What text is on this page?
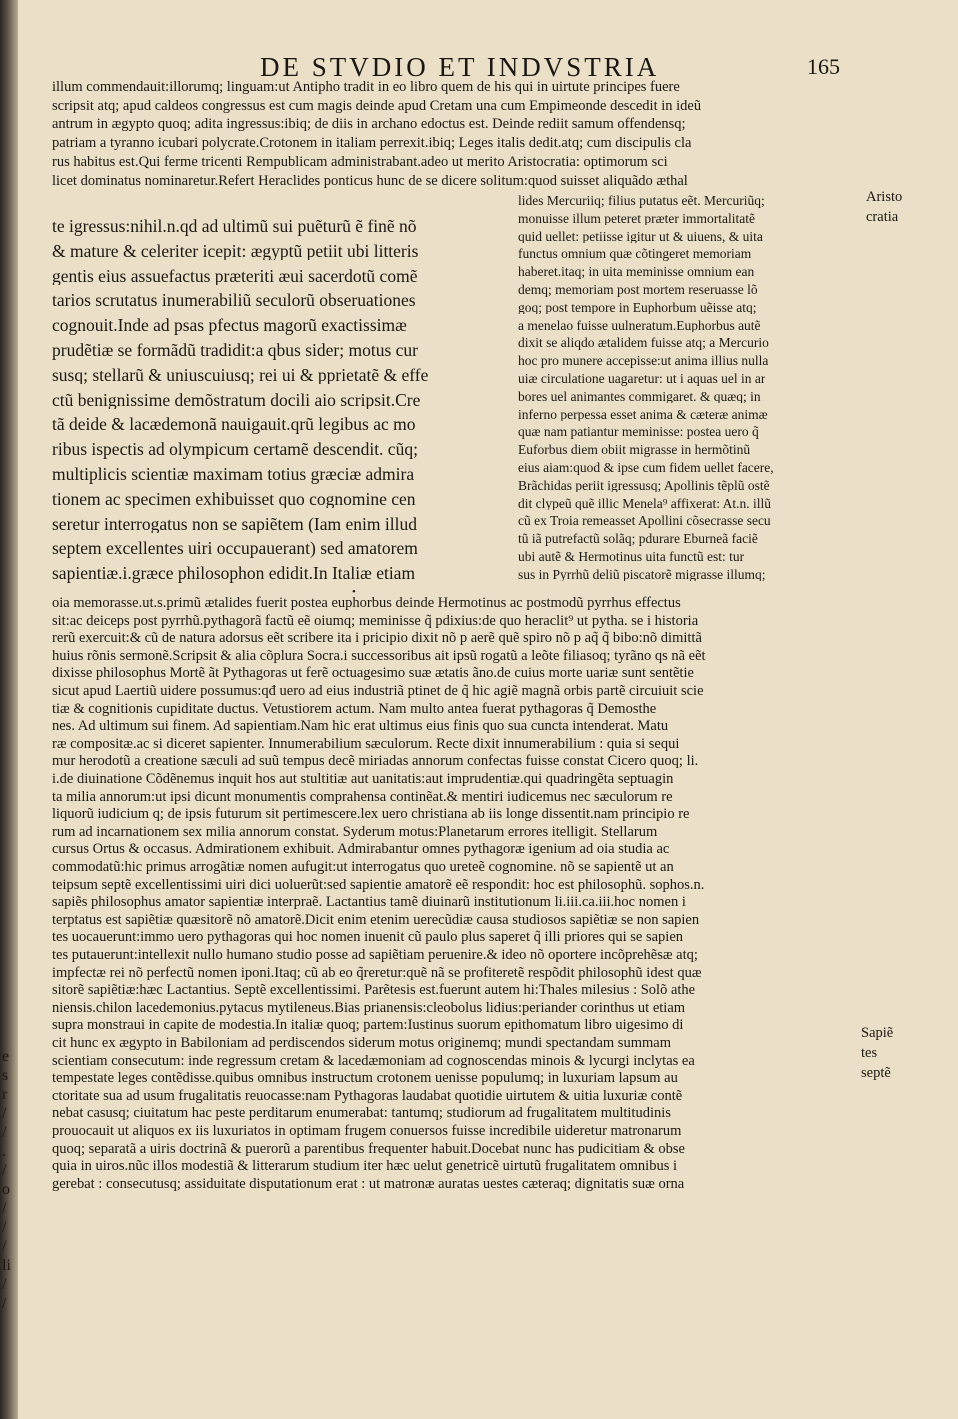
e
s
r
/
/
.
/
o
/
/
/
li
/
/
DE STVDIO ET INDVSTRIA	165
illum commendauit:illorumq; linguam:ut Antipho tradit in eo libro quem de his qui in uirtute principes fuere
scripsit atq; apud caldeos congressus est cum magis deinde apud Cretam una cum Empimeonde descedit in ideũ
antrum in ægypto quoq; adita ingressus:ibiq; de diis in archano edoctus est. Deinde rediit samum offendensq;
patriam a tyranno icubari polycrate.Crotonem in italiam perrexit.ibiq; Leges italis dedit.atq; cum discipulis cla
rus habitus est.Qui ferme tricenti Rempublicam administrabant.adeo ut merito Aristocratia: optimorum sci
licet dominatus nominaretur.Refert Heraclides ponticus hunc de se dicere solitum:quod suisset aliquãdo æthal
te igressus:nihil.n.qd ad ultimũ sui puẽturũ ẽ finẽ nõ
& mature & celeriter icepit: ægyptũ petiit ubi litteris
gentis eius assuefactus præteriti æui sacerdotũ comẽ
tarios scrutatus inumerabiliũ seculorũ obseruationes
cognouit.Inde ad psas pfectus magorũ exactissimæ
prudẽtiæ se formãdũ tradidit:a qbus sider; motus cur
susq; stellarũ & uniuscuiusq; rei ui & pprietatẽ & effe
ctũ benignissime demõstratum docili aio scripsit.Cre
tã deide & lacædemonã nauigauit.qrũ legibus ac mo
ribus ispectis ad olympicum certamẽ descendit. cũq;
multiplicis scientiæ maximam totius græciæ admira
tionem ac specimen exhibuisset quo cognomine cen
seretur interrogatus non se sapiẽtem (Iam enim illud
septem excellentes uiri occupauerant) sed amatorem
sapientiæ.i.græce philosophon edidit.In Italiæ etiam
lides Mercuriiq; filius putatus eẽt. Mercuriũq;
monuisse illum peteret præter immortalitatẽ
quid uellet: petiisse igitur ut & uiuens, & uita
functus omnium quæ cõtingeret memoriam
haberet.itaq; in uita meminisse omnium ean
demq; memoriam post mortem reseruasse lõ
goq; post tempore in Euphorbum uẽisse atq;
a menelao fuisse uulneratum.Euphorbus autẽ
dixit se aliqdo ætalidem fuisse atq; a Mercurio
hoc pro munere accepisse:ut anima illius nulla
uiæ circulatione uagaretur: ut i aquas uel in ar
bores uel animantes commigaret. & quæq; in
inferno perpessa esset anima & cæteræ animæ
quæ nam patiantur meminisse: postea uero q̃
Euforbus diem obiit migrasse in hermõtinũ
eius aiam:quod & ipse cum fidem uellet facere,
Brãchidas periit igressusq; Apollinis tẽplũ ostẽ
dit clypeũ quẽ illic Menela⁹ affixerat: At.n. illũ
cũ ex Troia remeasset Apollini cõsecrasse secu
tũ iã putrefactũ solãq; pdurare Eburneã faciẽ
ubi autẽ & Hermotinus uita functũ est: tur
sus in Pyrrhũ deliũ piscatorẽ migrasse illumq;
oia memorasse.ut.s.primũ ætalides fuerit postea euphorbus deinde Hermotinus ac postmodũ pyrrhus effectus
sit:ac deiceps post pyrrhũ.pythagorã factũ eẽ oiumq; meminisse q̃ pdixius:de quo heraclit⁹ ut pytha. se i historia
rerũ exercuit:& cũ de natura adorsus eẽt scribere ita i pricipio dixit nõ p aerẽ quẽ spiro nõ p aq̃ q̃ bibo:nõ dimittã
huius rõnis sermonẽ.Scripsit & alia cõplura Socra.i successoribus ait ipsũ rogatũ a leõte filiasoq; tyrãno qs nã eẽt
dixisse philosophus Mortẽ ãt Pythagoras ut ferẽ octuagesimo suæ ætatis ãno.de cuius morte uariæ sunt sentẽtie
sicut apud Laertiũ uidere possumus:qđ uero ad eius industriã ptinet de q̃ hic agiẽ magnã orbis partẽ circuiuit scie
tiæ & cognitionis cupiditate ductus. Vetustiorem actum. Nam multo antea fuerat pythagoras q̃ Demosthe
nes. Ad ultimum sui finem. Ad sapientiam.Nam hic erat ultimus eius finis quo sua cuncta intenderat. Matu
ræ compositæ.ac si diceret sapienter. Innumerabilium sæculorum. Recte dixit innumerabilium : quia si sequi
mur herodotũ a creatione sæculi ad suũ tempus decẽ miriadas annorum confectas fuisse constat Cicero quoq; li.
i.de diuinatione Cõdẽnemus inquit hos aut stultitiæ aut uanitatis:aut imprudentiæ.qui quadringẽta septuagin
ta milia annorum:ut ipsi dicunt monumentis comprahensa continẽat.& mentiri iudicemus nec sæculorum re
liquorũ iudicium q; de ipsis futurum sit pertimescere.lex uero christiana ab iis longe dissentit.nam principio re
rum ad incarnationem sex milia annorum constat. Syderum motus:Planetarum errores itelligit. Stellarum
cursus Ortus & occasus. Admirationem exhibuit. Admirabantur omnes pythagoræ igenium ad oia studia ac
commodatũ:hic primus arrogãtiæ nomen aufugit:ut interrogatus quo ureteẽ cognomine. nõ se sapientẽ ut an
teipsum septẽ excellentissimi uiri dici uoluerũt:sed sapientie amatorẽ eẽ respondit: hoc est philosophũ. sophos.n.
sapiẽs philosophus amator sapientiæ interpraẽ. Lactantius tamẽ diuinarũ institutionum li.iii.ca.iii.hoc nomen i
terptatus est sapiẽtiæ quæsitorẽ nõ amatorẽ.Dicit enim etenim uerecũdiæ causa studiosos sapiẽtiæ se non sapien
tes uocauerunt:immo uero pythagoras qui hoc nomen inuenit cũ paulo plus saperet q̃ illi priores qui se sapien
tes putauerunt:intellexit nullo humano studio posse ad sapiẽtiam peruenire.& ideo nõ oportere incõprehẽsæ atq;
impfectæ rei nõ perfectũ nomen iponi.Itaq; cũ ab eo q̃reretur:quẽ nã se profiteretẽ respõdit philosophũ idest quæ
sitorẽ sapiẽtiæ:hæc Lactantius. Septẽ excellentissimi. Parẽtesis est.fuerunt autem hi:Thales milesius : Solõ athe
niensis.chilon lacedemonius.pytacus mytileneus.Bias prianensis:cleobolus lidius:periander corinthus ut etiam
supra monstraui in capite de modestia.In italiæ quoq; partem:Iustinus suorum epithomatum libro uigesimo di
cit hunc ex ægypto in Babiloniam ad perdiscendos siderum motus originemq; mundi spectandam summam
scientiam consecutum: inde regressum cretam & lacedæmoniam ad cognoscendas minois & lycurgi inclytas ea
tempestate leges contẽdisse.quibus omnibus instructum crotonem uenisse populumq; in luxuriam lapsum au
ctoritate sua ad usum frugalitatis reuocasse:nam Pythagoras laudabat quotidie uirtutem & uitia luxuriæ contẽ
nebat casusq; ciuitatum hac peste perditarum enumerabat: tantumq; studiorum ad frugalitatem multitudinis
prouocauit ut aliquos ex iis luxuriatos in optimam frugem conuersos fuisse incredibile uideretur matronarum
quoq; separatã a uiris doctrinã & puerorũ a parentibus frequenter habuit.Docebat nunc has pudicitiam & obse
quia in uiros.nũc illos modestiã & litterarum studium iter hæc uelut genetricẽ uirtutũ frugalitatem omnibus i
gerebat : consecutusq; assiduitate disputationum erat : ut matronæ auratas uestes cæteraq; dignitatis suæ orna
•
Aristo
cratia
Sapiẽ
tes
septẽ
